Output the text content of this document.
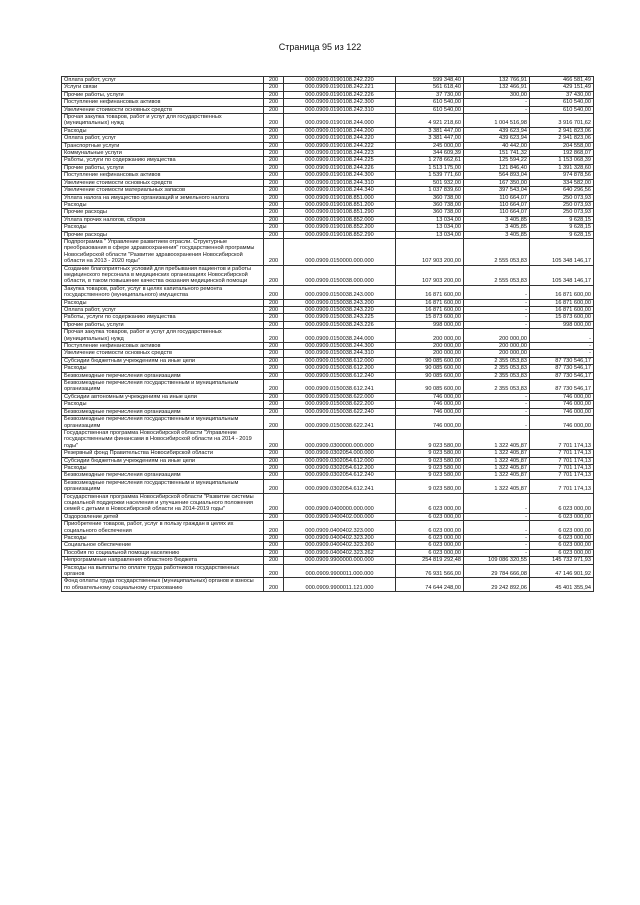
Страница 95 из 122
Оплата работ, услуг	200	000.0909.0190108.242.220	599 348,40	132 766,91	466 581,49
Услуги связи	200	000.0909.0190108.242.221	561 618,40	132 466,91	429 151,49
Прочие работы, услуги	200	000.0909.0190108.242.226	37 730,00	300,00	37 430,00
Поступление нефинансовых активов	200	000.0909.0190108.242.300	610 540,00	-	610 540,00
Увеличение стоимости основных средств	200	000.0909.0190108.242.310	610 540,00	-	610 540,00
Прочая закупка товаров, работ и услуг для государственных (муниципальных) нужд	200	000.0909.0190108.244.000	4 921 218,60	1 004 516,98	3 916 701,62
Расходы	200	000.0909.0190108.244.200	3 381 447,00	439 623,94	2 941 823,06
Оплата работ, услуг	200	000.0909.0190108.244.220	3 381 447,00	439 623,94	2 941 823,06
Транспортные услуги	200	000.0909.0190108.244.222	245 000,00	40 442,00	204 558,00
Коммунальные услуги	200	000.0909.0190108.244.223	344 609,39	151 741,32	192 868,07
Работы, услуги по содержанию имущества	200	000.0909.0190108.244.225	1 278 662,61	125 594,22	1 153 068,39
Прочие работы, услуги	200	000.0909.0190108.244.226	1 513 175,00	121 846,40	1 391 328,60
Поступление нефинансовых активов	200	000.0909.0190108.244.300	1 539 771,60	564 893,04	974 878,56
Увеличение стоимости основных средств	200	000.0909.0190108.244.310	501 932,00	167 350,00	334 582,00
Увеличение стоимости материальных запасов	200	000.0909.0190108.244.340	1 037 839,60	397 543,04	640 296,56
Уплата налога на имущество организаций и земельного налога	200	000.0909.0190108.851.000	360 738,00	110 664,07	250 073,93
Расходы	200	000.0909.0190108.851.200	360 738,00	110 664,07	250 073,93
Прочие расходы	200	000.0909.0190108.851.290	360 738,00	110 664,07	250 073,93
Уплата прочих налогов, сборов	200	000.0909.0190108.852.000	13 034,00	3 405,85	9 628,15
Расходы	200	000.0909.0190108.852.200	13 034,00	3 405,85	9 628,15
Прочие расходы	200	000.0909.0190108.852.290	13 034,00	3 405,85	9 628,15
Подпрограмма " Управление развитием отрасли. Структурные преобразования в сфере здравоохранения" государственной программы Новосибирской области "Развитие здравоохранения Новосибирской области на 2013 - 2020 годы"	200	000.0909.0150000.000.000	107 903 200,00	2 555 053,83	105 348 146,17
Создание благоприятных условий для пребывания пациентов и работы медицинского персонала в медицинских организациях Новосибирской области, в таком повышение качества оказания медицинской помощи	200	000.0909.0150038.000.000	107 903 200,00	2 555 053,83	105 348 146,17
Закупка товаров, работ, услуг в целях капитального ремонта государственного (муниципального) имущества	200	000.0909.0150038.243.000	16 871 600,00	-	16 871 600,00
Расходы	200	000.0909.0150038.243.200	16 871 600,00	-	16 871 600,00
Оплата работ, услуг	200	000.0909.0150038.243.220	16 871 600,00	-	16 871 600,00
Работы, услуги по содержанию имущества	200	000.0909.0150038.243.225	15 873 600,00	-	15 873 600,00
Прочие работы, услуги	200	000.0909.0150038.243.226	998 000,00	-	998 000,00
Прочая закупка товаров, работ и услуг для государственных (муниципальных) нужд	200	000.0909.0150038.244.000	200 000,00	200 000,00	-
Поступление нефинансовых активов	200	000.0909.0150038.244.300	200 000,00	200 000,00	-
Увеличение стоимости основных средств	200	000.0909.0150038.244.310	200 000,00	200 000,00	-
Субсидии бюджетным учреждениям на иные цели	200	000.0909.0150038.612.000	90 085 600,00	2 355 053,83	87 730 546,17
Расходы	200	000.0909.0150038.612.200	90 085 600,00	2 355 053,83	87 730 546,17
Безвозмездные перечисления организациям	200	000.0909.0150038.612.240	90 085 600,00	2 355 053,83	87 730 546,17
Безвозмездные перечисления государственным и муниципальным организациям	200	000.0909.0150038.612.241	90 085 600,00	2 355 053,83	87 730 546,17
Субсидии автономным учреждениям на иные цели	200	000.0909.0150038.622.000	746 000,00	-	746 000,00
Расходы	200	000.0909.0150038.622.200	746 000,00	-	746 000,00
Безвозмездные перечисления организациям	200	000.0909.0150038.622.240	746 000,00	-	746 000,00
Безвозмездные перечисления государственным и муниципальным организациям	200	000.0909.0150038.622.241	746 000,00	-	746 000,00
Государственная программа Новосибирской области "Управление государственными финансами в Новосибирской области на 2014 - 2019 годы"	200	000.0909.0300000.000.000	9 023 580,00	1 322 405,87	7 701 174,13
Резервный фонд Правительства Новосибирской области	200	000.0909.0302054.000.000	9 023 580,00	1 322 405,87	7 701 174,13
Субсидии бюджетным учреждениям на иные цели	200	000.0909.0302054.612.000	9 023 580,00	1 322 405,87	7 701 174,13
Расходы	200	000.0909.0302054.612.200	9 023 580,00	1 322 405,87	7 701 174,13
Безвозмездные перечисления организациям	200	000.0909.0302054.612.240	9 023 580,00	1 322 405,87	7 701 174,13
Безвозмездные перечисления государственным и муниципальным организациям	200	000.0909.0302054.612.241	9 023 580,00	1 322 405,87	7 701 174,13
Государственная программа Новосибирской области "Развитие системы социальной поддержки населения и улучшение социального положения семей с детьми в Новосибирской области на 2014-2019 годы"	200	000.0909.0400000.000.000	6 023 000,00	-	6 023 000,00
Оздоровление детей	200	000.0909.0400402.000.000	6 023 000,00	-	6 023 000,00
Приобретение товаров, работ, услуг в пользу граждан в целях их социального обеспечения	200	000.0909.0400402.323.000	6 023 000,00	-	6 023 000,00
Расходы	200	000.0909.0400402.323.200	6 023 000,00	-	6 023 000,00
Социальное обеспечение	200	000.0909.0400402.323.260	6 023 000,00	-	6 023 000,00
Пособия по социальной помощи населению	200	000.0909.0400402.323.262	6 023 000,00	-	6 023 000,00
Непрограммные направления областного бюджета	200	000.0909.9900000.000.000	254 819 292,48	109 086 320,55	145 732 971,93
Расходы на выплаты по оплате труда работников государственных органов	200	000.0909.9900011.000.000	76 931 566,00	29 784 666,08	47 146 901,92
Фонд оплаты труда государственных (муниципальных) органов и взносы по обязательному социальному страхованию	200	000.0909.9900011.121.000	74 644 248,00	29 242 892,06	45 401 355,94
